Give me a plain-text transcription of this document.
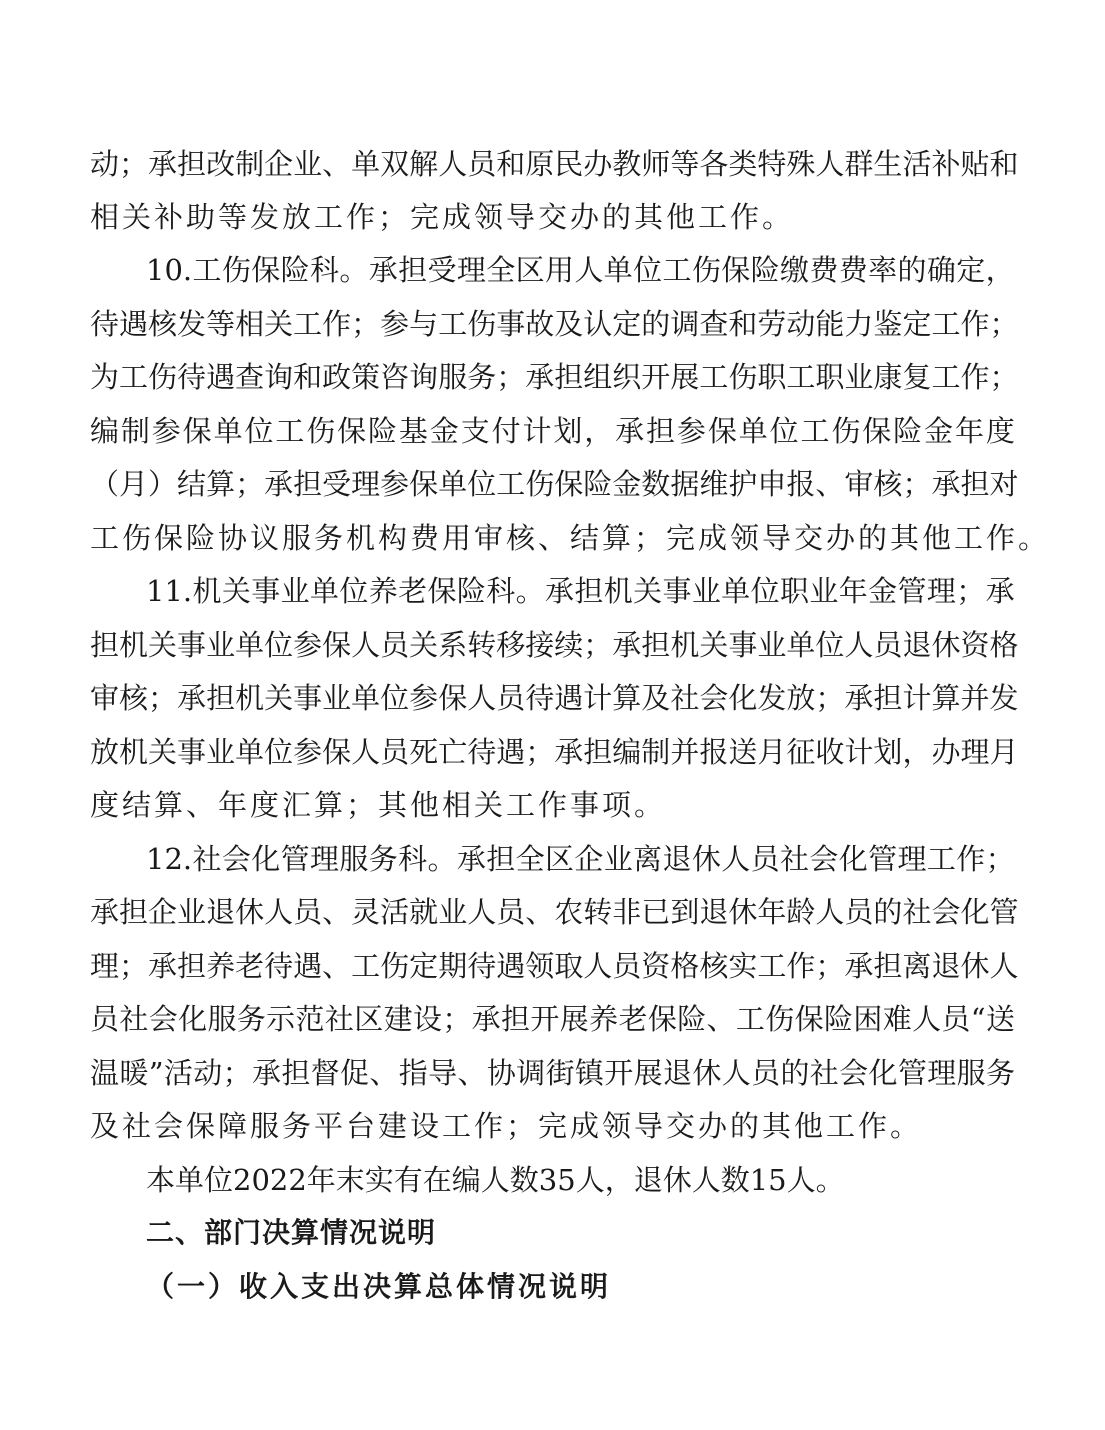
动 ； 承 担 改 制 企 业 、 单 双 解 人 员 和 原 民 办 教 师 等 各 类 特 殊 人 群 生 活 补 贴 和
相关补助等发放工作；完成领导交办的其他工作。
10. 工 伤 保 险 科 。 承 担 受 理 全 区 用 人 单 位 工 伤 保 险 缴 费 费 率 的 确 定 ，
待 遇 核 发 等 相 关 工 作 ； 参 与 工 伤 事 故 及 认 定 的 调 查 和 劳 动 能 力 鉴 定 工 作 ；
为 工 伤 待 遇 查 询 和 政 策 咨 询 服 务 ； 承 担 组 织 开 展 工 伤 职 工 职 业 康 复 工 作 ；
编 制 参 保 单 位 工 伤 保 险 基 金 支 付 计 划 ， 承 担 参 保 单 位 工 伤 保 险 金 年 度
（ 月 ） 结 算 ； 承 担 受 理 参 保 单 位 工 伤 保 险 金 数 据 维 护 申 报 、 审 核 ； 承 担 对
工伤保险协议服务机构费用审核、结算；完成领导交办的其他工作。
11. 机 关 事 业 单 位 养 老 保 险 科 。 承 担 机 关 事 业 单 位 职 业 年 金 管 理 ； 承
担 机 关 事 业 单 位 参 保 人 员 关 系 转 移 接 续 ； 承 担 机 关 事 业 单 位 人 员 退 休 资 格
审 核 ； 承 担 机 关 事 业 单 位 参 保 人 员 待 遇 计 算 及 社 会 化 发 放 ； 承 担 计 算 并 发
放 机 关 事 业 单 位 参 保 人 员 死 亡 待 遇 ； 承 担 编 制 并 报 送 月 征 收 计 划 ， 办 理 月
度结算、年度汇算；其他相关工作事项。
12. 社 会 化 管 理 服 务 科 。 承 担 全 区 企 业 离 退 休 人 员 社 会 化 管 理 工 作 ；
承 担 企 业 退 休 人 员 、 灵 活 就 业 人 员 、 农 转 非 已 到 退 休 年 龄 人 员 的 社 会 化 管
理 ； 承 担 养 老 待 遇 、 工 伤 定 期 待 遇 领 取 人 员 资 格 核 实 工 作 ； 承 担 离 退 休 人
员 社 会 化 服 务 示 范 社 区 建 设 ； 承 担 开 展 养 老 保 险 、 工 伤 保 险 困 难 人 员 “ 送
温 暖 ” 活 动 ； 承 担 督 促 、 指 导 、 协 调 街 镇 开 展 退 休 人 员 的 社 会 化 管 理 服 务
及社会保障服务平台建设工作；完成领导交办的其他工作。
本单位2022年末实有在编人数35人，退休人数15人。
二、部门决算情况说明
（一）收入支出决算总体情况说明
